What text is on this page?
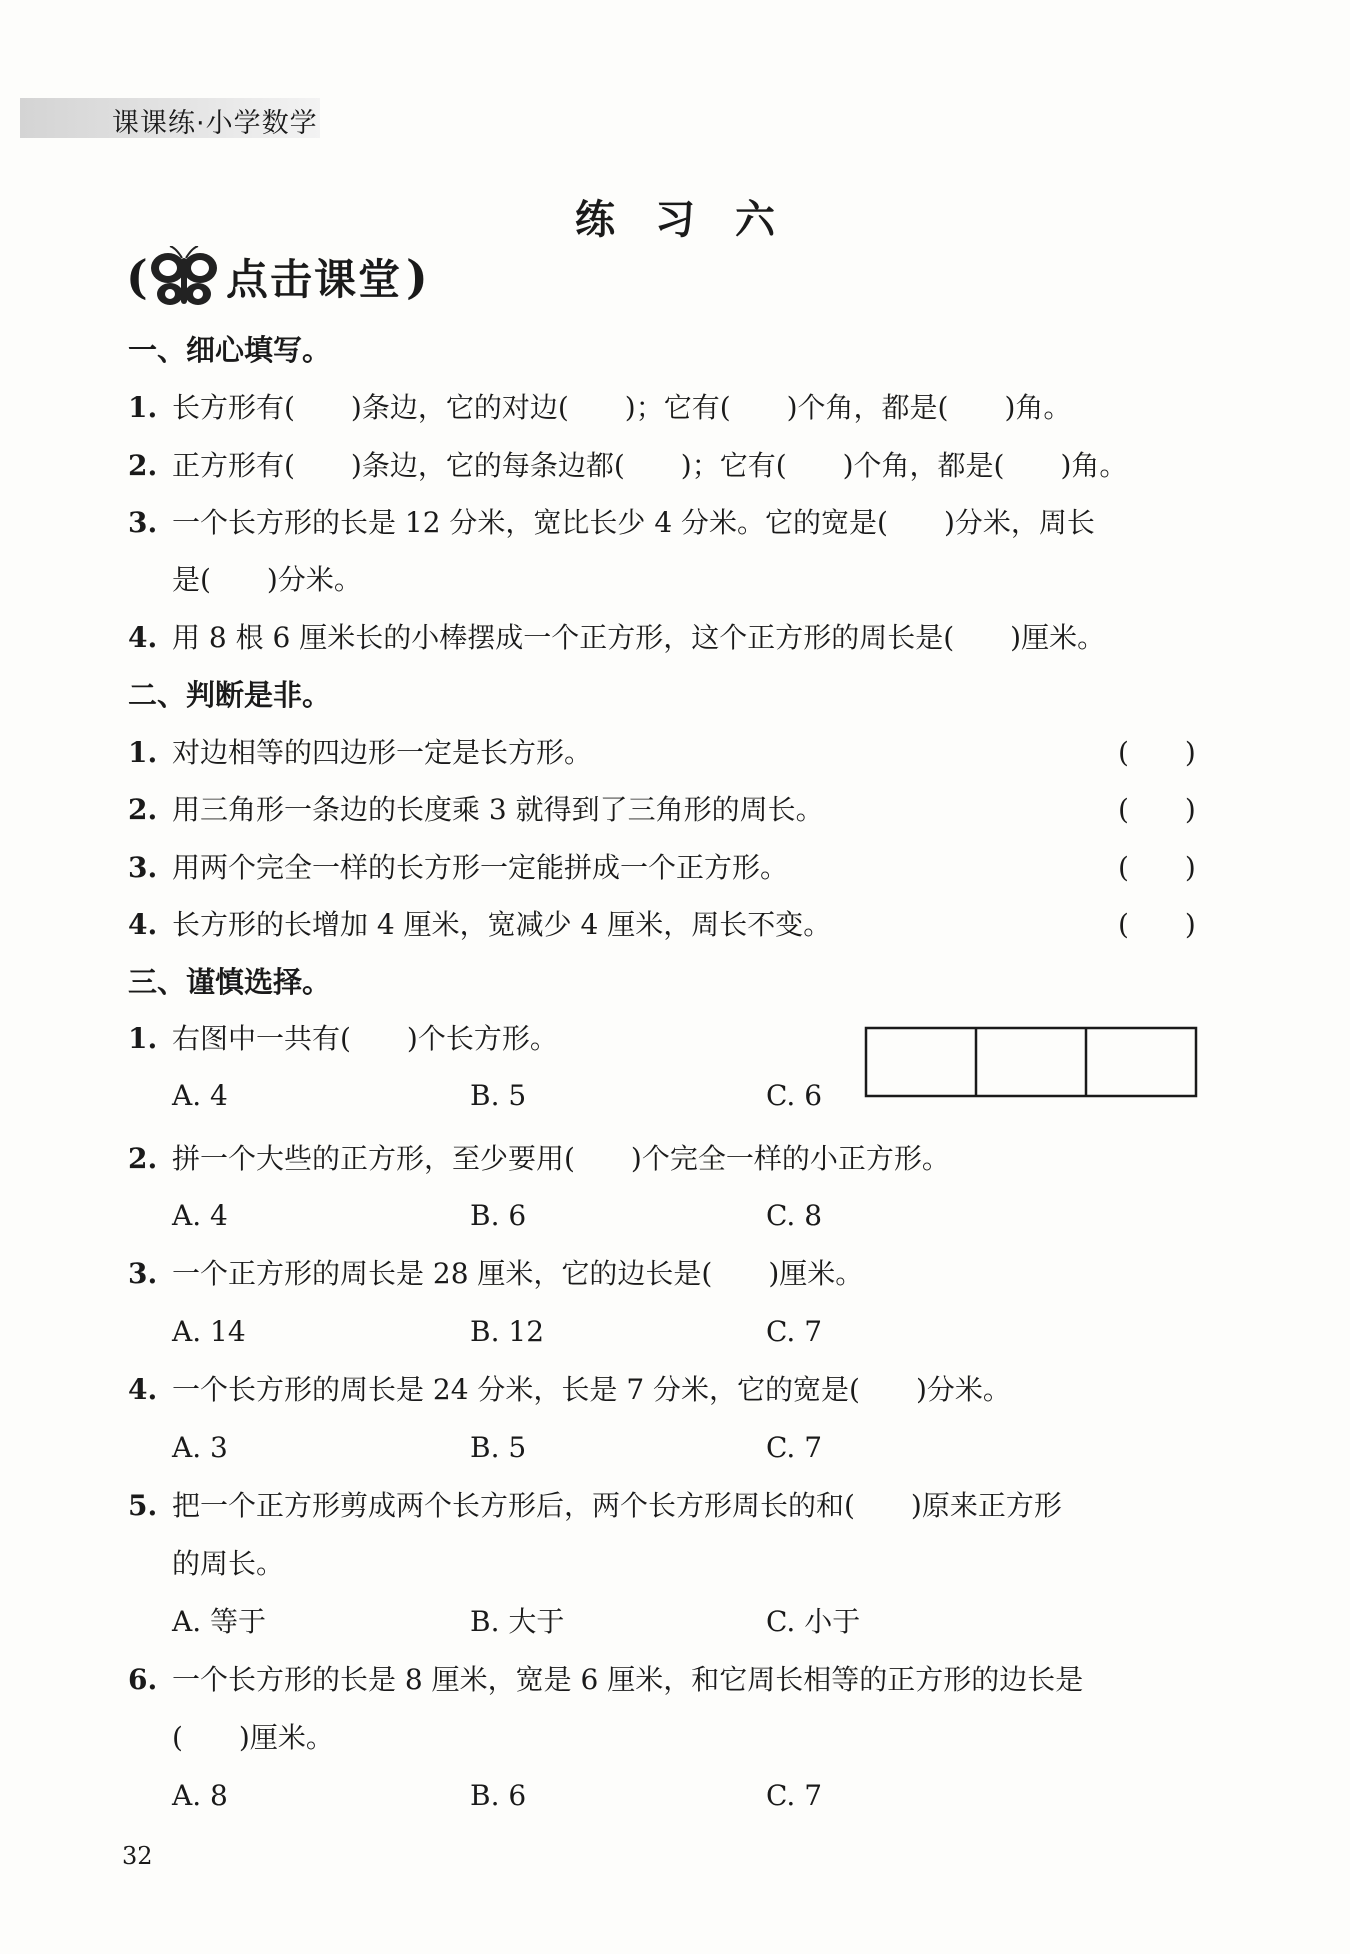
课课练·小学数学
练习六
( 点击课堂 )
一、细心填写。
1. 长方形有(　　)条边，它的对边(　　)；它有(　　)个角，都是(　　)角。
2. 正方形有(　　)条边，它的每条边都(　　)；它有(　　)个角，都是(　　)角。
3. 一个长方形的长是 12 分米，宽比长少 4 分米。它的宽是(　　)分米，周长
是(　　)分米。
4. 用 8 根 6 厘米长的小棒摆成一个正方形，这个正方形的周长是(　　)厘米。
二、判断是非。
1. 对边相等的四边形一定是长方形。	(　　)
2. 用三角形一条边的长度乘 3 就得到了三角形的周长。	(　　)
3. 用两个完全一样的长方形一定能拼成一个正方形。	(　　)
4. 长方形的长增加 4 厘米，宽减少 4 厘米，周长不变。	(　　)
三、谨慎选择。
1. 右图中一共有(　　)个长方形。
A. 4	B. 5	C. 6
2. 拼一个大些的正方形，至少要用(　　)个完全一样的小正方形。
A. 4	B. 6	C. 8
3. 一个正方形的周长是 28 厘米，它的边长是(　　)厘米。
A. 14	B. 12	C. 7
4. 一个长方形的周长是 24 分米，长是 7 分米，它的宽是(　　)分米。
A. 3	B. 5	C. 7
5. 把一个正方形剪成两个长方形后，两个长方形周长的和(　　)原来正方形
的周长。
A. 等于	B. 大于	C. 小于
6. 一个长方形的长是 8 厘米，宽是 6 厘米，和它周长相等的正方形的边长是
(　　)厘米。
A. 8	B. 6	C. 7
32
